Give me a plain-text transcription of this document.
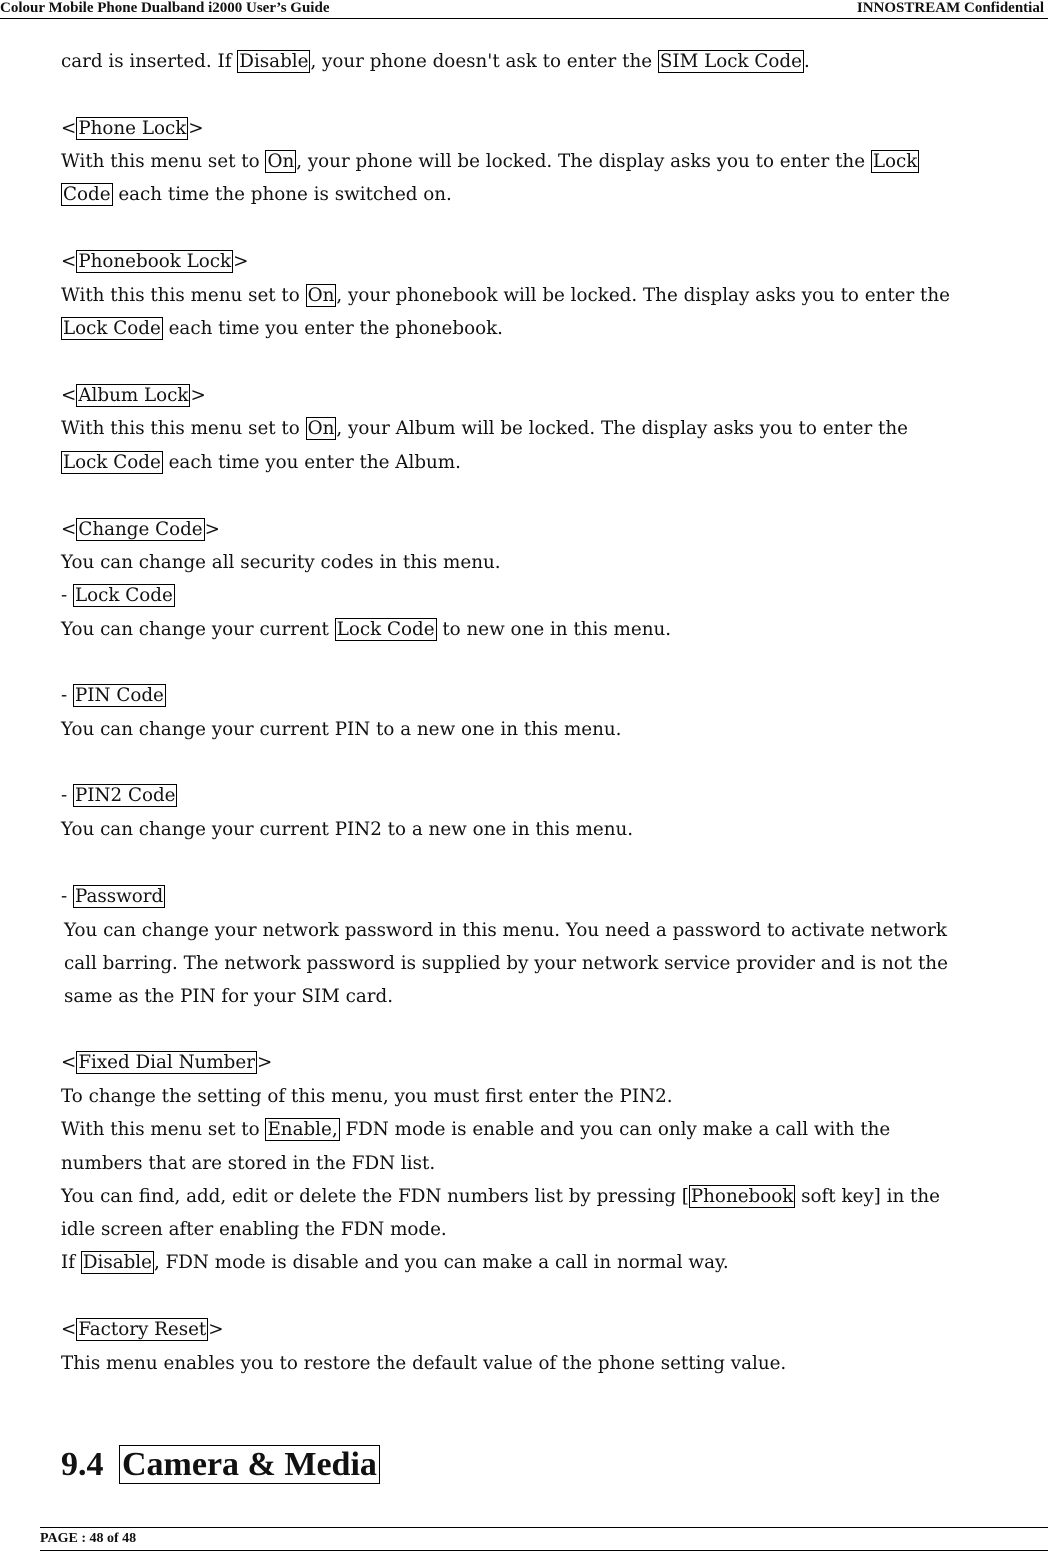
Colour Mobile Phone Dualband i2000 User’s Guide	INNOSTREAM Confidential
card is inserted. If Disable , your phone doesn't ask to enter the SIM Lock Code .
< Phone Lock >
With this menu set to On , your phone will be locked. The display asks you to enter the Lock
Code each time the phone is switched on.
< Phonebook Lock >
With this this menu set to On , your phonebook will be locked. The display asks you to enter the
Lock Code each time you enter the phonebook.
< Album Lock >
With this this menu set to On , your Album will be locked. The display asks you to enter the
Lock Code each time you enter the Album.
< Change Code >
You can change all security codes in this menu.
- Lock Code
You can change your current Lock Code to new one in this menu.
- PIN Code
You can change your current PIN to a new one in this menu.
- PIN2 Code
You can change your current PIN2 to a new one in this menu.
- Password
You can change your network password in this menu. You need a password to activate network
call barring. The network password is supplied by your network service provider and is not the
same as the PIN for your SIM card.
< Fixed Dial Number >
To change the setting of this menu, you must first enter the PIN2.
With this menu set to Enable, FDN mode is enable and you can only make a call with the
numbers that are stored in the FDN list.
You can find, add, edit or delete the FDN numbers list by pressing [ Phonebook soft key] in the
idle screen after enabling the FDN mode.
If Disable , FDN mode is disable and you can make a call in normal way.
< Factory Reset >
This menu enables you to restore the default value of the phone setting value.
9.4 Camera & Media
PAGE : 48 of 48
